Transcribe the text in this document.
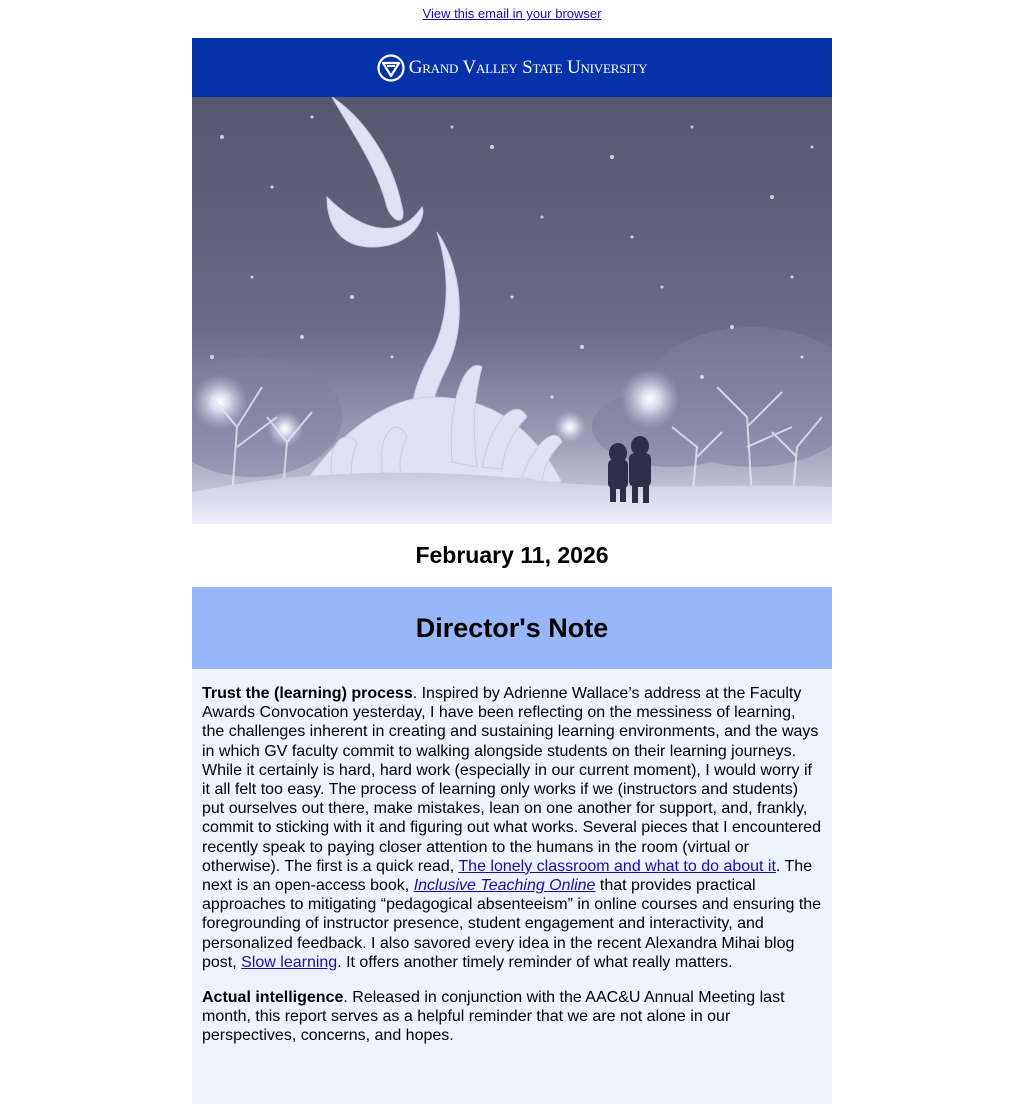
View this email in your browser
Grand Valley State University
February 11, 2026
Director's Note

Trust the (learning) process. Inspired by Adrienne Wallace’s address at the Faculty Awards Convocation yesterday, I have been reflecting on the messiness of learning, the challenges inherent in creating and sustaining learning environments, and the ways in which GV faculty commit to walking alongside students on their learning journeys. While it certainly is hard, hard work (especially in our current moment), I would worry if it all felt too easy. The process of learning only works if we (instructors and students) put ourselves out there, make mistakes, lean on one another for support, and, frankly, commit to sticking with it and figuring out what works. Several pieces that I encountered recently speak to paying closer attention to the humans in the room (virtual or otherwise). The first is a quick read, The lonely classroom and what to do about it. The next is an open-access book, Inclusive Teaching Online that provides practical approaches to mitigating “pedagogical absenteeism” in online courses and ensuring the foregrounding of instructor presence, student engagement and interactivity, and personalized feedback. I also savored every idea in the recent Alexandra Mihai blog post, Slow learning. It offers another timely reminder of what really matters.

Actual intelligence. Released in conjunction with the AAC&U Annual Meeting last month, this report serves as a helpful reminder that we are not alone in our perspectives, concerns, and hopes.
